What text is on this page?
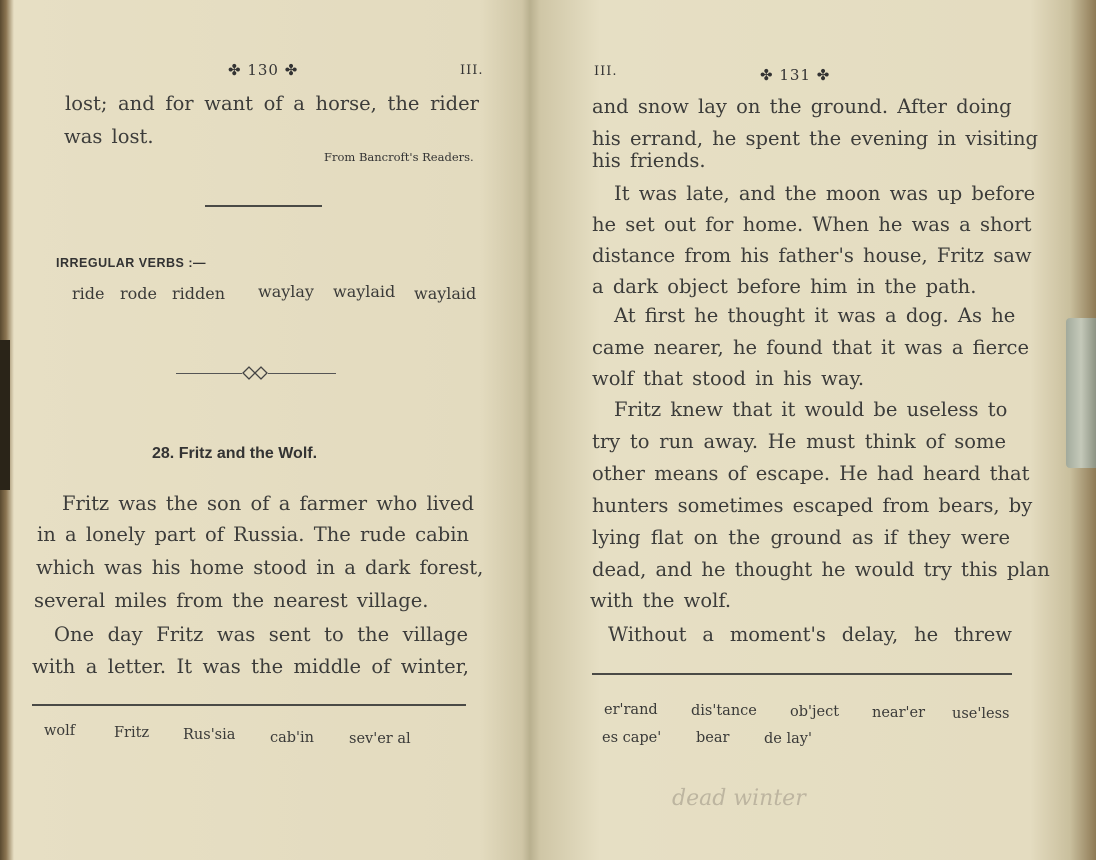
✤ 130 ✤	III.
lost; and for want of a horse, the rider
was lost.
From Bancroft's Readers.
IRREGULAR VERBS :—
ride rode ridden waylay waylaid waylaid
28. Fritz and the Wolf.
Fritz was the son of a farmer who lived
in a lonely part of Russia. The rude cabin
which was his home stood in a dark forest,
several miles from the nearest village.
One day Fritz was sent to the village
with a letter. It was the middle of winter,
wolf	Fritz Rus'sia cab'in sev'er al
III.	✤ 131 ✤
and snow lay on the ground. After doing
his errand, he spent the evening in visiting
his friends.
It was late, and the moon was up before
he set out for home. When he was a short
distance from his father's house, Fritz saw
a dark object before him in the path.
At first he thought it was a dog. As he
came nearer, he found that it was a fierce
wolf that stood in his way.
Fritz knew that it would be useless to
try to run away. He must think of some
other means of escape. He had heard that
hunters sometimes escaped from bears, by
lying flat on the ground as if they were
dead, and he thought he would try this plan
with the wolf.
Without a moment's delay, he threw
er'rand dis'tance ob'ject near'er use'less
es cape' bear de lay'
dead winter
